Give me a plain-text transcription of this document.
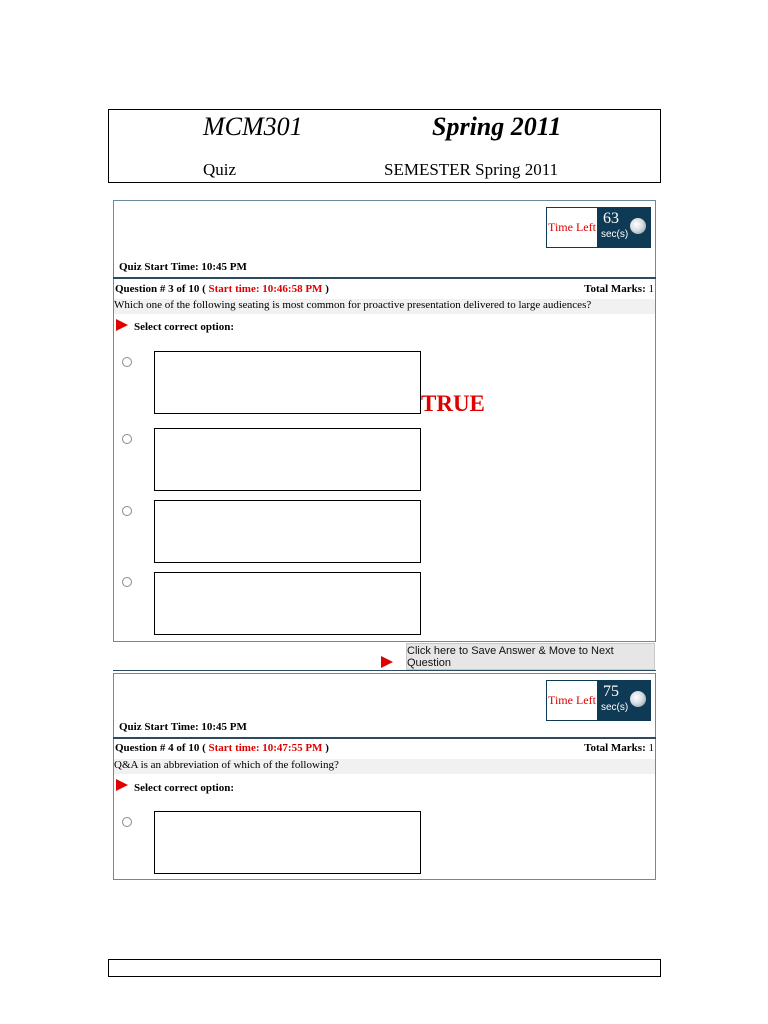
MCM301	Spring 2011
Quiz	SEMESTER Spring 2011
Time Left 63
sec(s)
Quiz Start Time: 10:45 PM
Question # 3 of 10 ( Start time: 10:46:58 PM )	Total Marks: 1
Which one of the following seating is most common for proactive presentation delivered to large audiences?
Select correct option:
TRUE
Click here to Save Answer & Move to Next Question
Time Left 75
sec(s)
Quiz Start Time: 10:45 PM
Question # 4 of 10 ( Start time: 10:47:55 PM )	Total Marks: 1
Q&A is an abbreviation of which of the following?
Select correct option:
